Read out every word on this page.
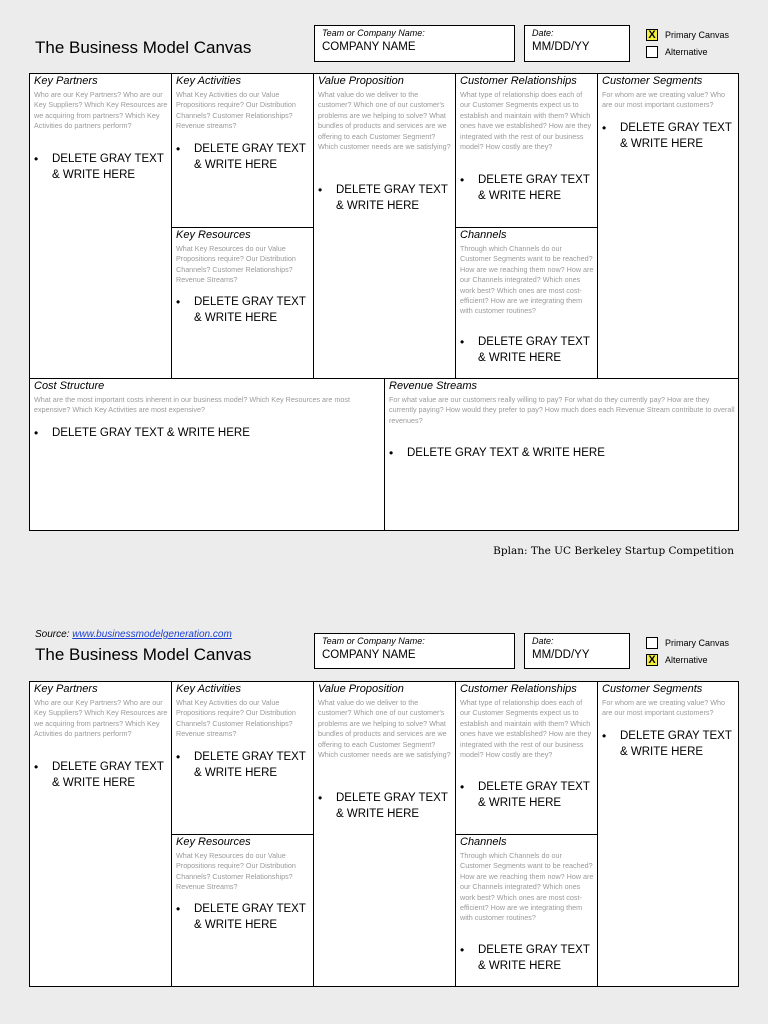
The Business Model Canvas
Team or Company Name:
COMPANY NAME
Date:
MM/DD/YY
X Primary Canvas
Alternative
Key Partners
Who are our Key Partners? Who are our Key Suppliers? Which Key Resources are we acquiring from partners? Which Key Activities do partners perform?
• DELETE GRAY TEXT & WRITE HERE
Key Activities
What Key Activities do our Value Propositions require? Our Distribution Channels? Customer Relationships? Revenue streams?
• DELETE GRAY TEXT & WRITE HERE
Key Resources
What Key Resources do our Value Propositions require? Our Distribution Channels? Customer Relationships? Revenue Streams?
• DELETE GRAY TEXT & WRITE HERE
Value Proposition
What value do we deliver to the customer? Which one of our customer's problems are we helping to solve? What bundles of products and services are we offering to each Customer Segment? Which customer needs are we satisfying?
• DELETE GRAY TEXT & WRITE HERE
Customer Relationships
What type of relationship does each of our Customer Segments expect us to establish and maintain with them? Which ones have we established? How are they integrated with the rest of our business model? How costly are they?
• DELETE GRAY TEXT & WRITE HERE
Channels
Through which Channels do our Customer Segments want to be reached? How are we reaching them now? How are our Channels integrated? Which ones work best? Which ones are most cost-efficient? How are we integrating them with customer routines?
• DELETE GRAY TEXT & WRITE HERE
Customer Segments
For whom are we creating value? Who are our most important customers?
• DELETE GRAY TEXT & WRITE HERE
Cost Structure
What are the most important costs inherent in our business model? Which Key Resources are most expensive? Which Key Activities are most expensive?
• DELETE GRAY TEXT & WRITE HERE
Revenue Streams
For what value are our customers really willing to pay? For what do they currently pay? How are they currently paying? How would they prefer to pay? How much does each Revenue Stream contribute to overall revenues?
• DELETE GRAY TEXT & WRITE HERE
Bplan: The UC Berkeley Startup Competition
Source: www.businessmodelgeneration.com
The Business Model Canvas
Team or Company Name:
COMPANY NAME
Date:
MM/DD/YY
Primary Canvas
X Alternative
Key Partners
Who are our Key Partners? Who are our Key Suppliers? Which Key Resources are we acquiring from partners? Which Key Activities do partners perform?
• DELETE GRAY TEXT & WRITE HERE
Key Activities
What Key Activities do our Value Propositions require? Our Distribution Channels? Customer Relationships? Revenue streams?
• DELETE GRAY TEXT & WRITE HERE
Key Resources
What Key Resources do our Value Propositions require? Our Distribution Channels? Customer Relationships? Revenue Streams?
• DELETE GRAY TEXT & WRITE HERE
Value Proposition
What value do we deliver to the customer? Which one of our customer's problems are we helping to solve? What bundles of products and services are we offering to each Customer Segment? Which customer needs are we satisfying?
• DELETE GRAY TEXT & WRITE HERE
Customer Relationships
What type of relationship does each of our Customer Segments expect us to establish and maintain with them? Which ones have we established? How are they integrated with the rest of our business model? How costly are they?
• DELETE GRAY TEXT & WRITE HERE
Channels
Through which Channels do our Customer Segments want to be reached? How are we reaching them now? How are our Channels integrated? Which ones work best? Which ones are most cost-efficient? How are we integrating them with customer routines?
• DELETE GRAY TEXT & WRITE HERE
Customer Segments
For whom are we creating value? Who are our most important customers?
• DELETE GRAY TEXT & WRITE HERE
